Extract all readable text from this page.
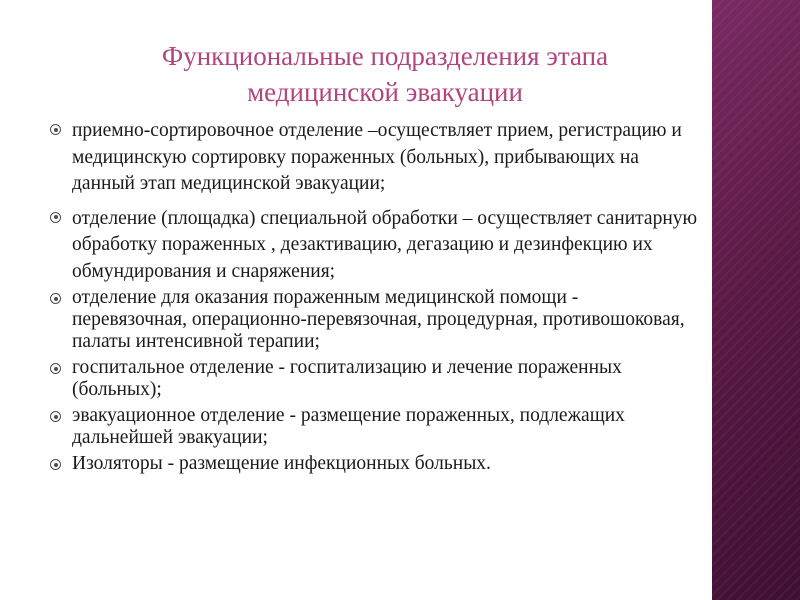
Функциональные подразделения этапа
медицинской эвакуации
приемно-сортировочное отделение –осуществляет прием, регистрацию и медицинскую сортировку пораженных (больных), прибывающих на данный этап медицинской эвакуации;
отделение (площадка) специальной обработки – осуществляет санитарную обработку пораженных , дезактивацию, дегазацию и дезинфекцию их обмундирования и снаряжения;
отделение для оказания пораженным медицинской помощи - перевязочная, операционно-перевязочная, процедурная, противошоковая, палаты интенсивной терапии;
госпитальное отделение - госпитализацию и лечение пораженных (больных);
эвакуационное отделение - размещение пораженных, подлежащих дальнейшей эвакуации;
Изоляторы - размещение инфекционных больных.
